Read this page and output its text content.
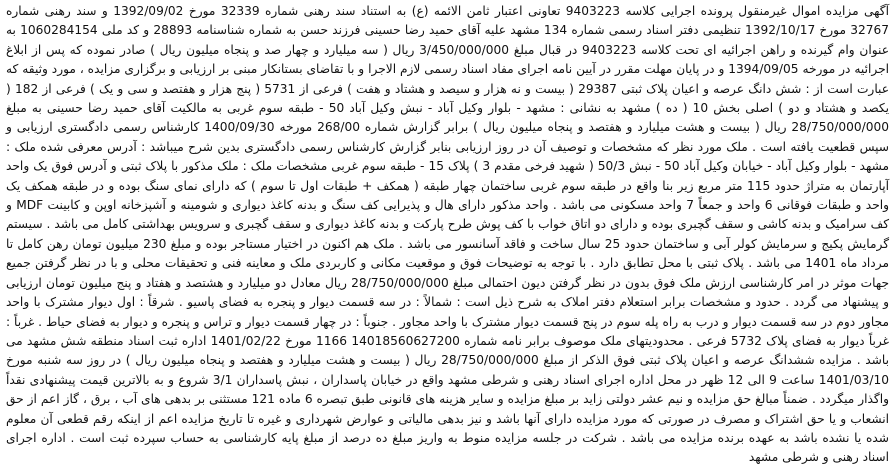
آگهی مزایده اموال غیرمنقول پرونده اجرایی کلاسه 9403223 تعاونی اعتبار ثامن الائمه (ع) به استناد سند رهنی شماره 32339 مورخ 1392/09/02 و سند رهنی شماره 32767 مورخ 1392/10/17 تنظیمی دفتر اسناد رسمی شماره 134 مشهد علیه آقای حمید رضا حسینی فرزند حسن به شماره شناسنامه 28893 و کد ملی 1060284154 به عنوان وام گیرنده و راهن اجرائیه ای تحت کلاسه 9403223 در قبال مبلغ 3/450/000/000 ریال ( سه میلیارد و چهار صد و پنجاه میلیون ریال ) صادر نموده که پس از ابلاغ اجرائیه در مورخه 1394/09/05 و در پایان مهلت مقرر در آیین نامه اجرای مفاد اسناد رسمی لازم الاجرا و با تقاضای بستانکار مبنی بر ارزیابی و برگزاری مزایده ، مورد وثیقه که عبارت است از : شش دانگ عرصه و اعیان پلاک ثبتی 29387 ( بیست و نه هزار و سیصد و هشتاد و هفت ) فرعی از 5731 ( پنج هزار و هفتصد و سی و یک ) فرعی از 182 ( یکصد و هشتاد و دو ) اصلی بخش 10 ( ده ) مشهد به نشانی : مشهد - بلوار وکیل آباد - نبش وکیل آباد 50 - طبقه سوم غربی به مالکیت آقای حمید رضا حسینی به مبلغ 28/750/000/000 ریال ( بیست و هشت میلیارد و هفتصد و پنجاه میلیون ریال ) برابر گزارش شماره 268/00 مورخه 1400/09/30 کارشناس رسمی دادگستری ارزیابی و سپس قطعیت یافته است . ملک مورد نظر که مشخصات و توصیف آن در روز ارزیابی بنابر گزارش کارشناس رسمی دادگستری بدین شرح میباشد : آدرس معرفی شده ملک : مشهد - بلوار وکیل آباد - خیابان وکیل آباد 50 - نبش 50/3 ( شهید فرخی مقدم 3 ) پلاک 15 - طبقه سوم غربی مشخصات ملک : ملک مذکور با پلاک ثبتی و آدرس فوق یک واحد آپارتمان به متراژ حدود 115 متر مربع زیر بنا واقع در طبقه سوم غربی ساختمان چهار طبقه ( همکف + طبقات اول تا سوم ) که دارای نمای سنگ بوده و در طبقه همکف یک واحد و طبقات فوقانی 6 واحد و جمعاً 7 واحد مسکونی می باشد . واحد مذکور دارای هال و پذیرایی کف سنگ و بدنه کاغذ دیواری و شومینه و آشپزخانه اوپن و کابینت MDF و کف سرامیک و بدنه کاشی و سقف گچبری بوده و دارای دو اتاق خواب با کف پوش طرح پارکت و بدنه کاغذ دیواری و سقف گچبری و سرویس بهداشتی کامل می باشد . سیستم گرمایش پکیج و سرمایش کولر آبی و ساختمان حدود 25 سال ساخت و فاقد آسانسور می باشد . ملک هم اکنون در اختیار مستاجر بوده و مبلغ 230 میلیون تومان رهن کامل تا مرداد ماه 1401 می باشد . پلاک ثبتی با محل تطابق دارد . با توجه به توضیحات فوق و موقعیت مکانی و کاربردی ملک و معاینه فنی و تحقیقات محلی و با در نظر گرفتن جمیع جهات موثر در امر کارشناسی ارزش ملک فوق بدون در نظر گرفتن دیون احتمالی مبلغ 28/750/000/000 ریال معادل دو میلیارد و هشتصد و هفتاد و پنج میلیون تومان ارزیابی و پیشنهاد می گردد . حدود و مشخصات برابر استعلام دفتر املاک به شرح ذیل است : شمالاً : در سه قسمت دیوار و پنجره به فضای پاسیو . شرقاً : اول دیوار مشترک با واحد مجاور دوم در سه قسمت دیوار و درب به راه پله سوم در پنج قسمت دیوار مشترک با واحد مجاور . جنوباً : در چهار قسمت دیوار و تراس و پنجره و دیوار به فضای حیاط . غرباً : غرباً دیوار به فضای پلاک 5732 فرعی . محدودیتهای ملک موصوف برابر نامه شماره 14018560627200 1166 مورخ 1401/02/22 اداره ثبت اسناد منطقه شش مشهد می باشد . مزایده ششدانگ عرصه و اعیان پلاک ثبتی فوق الذکر از مبلغ 28/750/000/000 ریال ( بیست و هشت میلیارد و هفتصد و پنجاه میلیون ریال ) در روز سه شنبه مورخ 1401/03/10 ساعت 9 الی 12 ظهر در محل اداره اجرای اسناد رهنی و شرطی مشهد واقع در خیابان پاسداران ، نبش پاسداران 3/1 شروع و به بالاترین قیمت پیشنهادی نقداً واگذار میگردد . ضمناً مبالغ حق مزایده و نیم عشر دولتی زاید بر مبلغ مزایده و سایر هزینه های قانونی طبق تبصره 6 ماده 121 مستثنی بر بدهی های آب ، برق ، گاز اعم از حق انشعاب و یا حق اشتراک و مصرف در صورتی که مورد مزایده دارای آنها باشد و نیز بدهی مالیاتی و عوارض شهرداری و غیره تا تاریخ مزایده اعم از اینکه رقم قطعی آن معلوم شده یا نشده باشد به عهده برنده مزایده می باشد . شرکت در جلسه مزایده منوط به واریز مبلغ ده درصد از مبلغ پایه کارشناسی به حساب سپرده ثبت است . اداره اجرای اسناد رهنی و شرطی مشهد
